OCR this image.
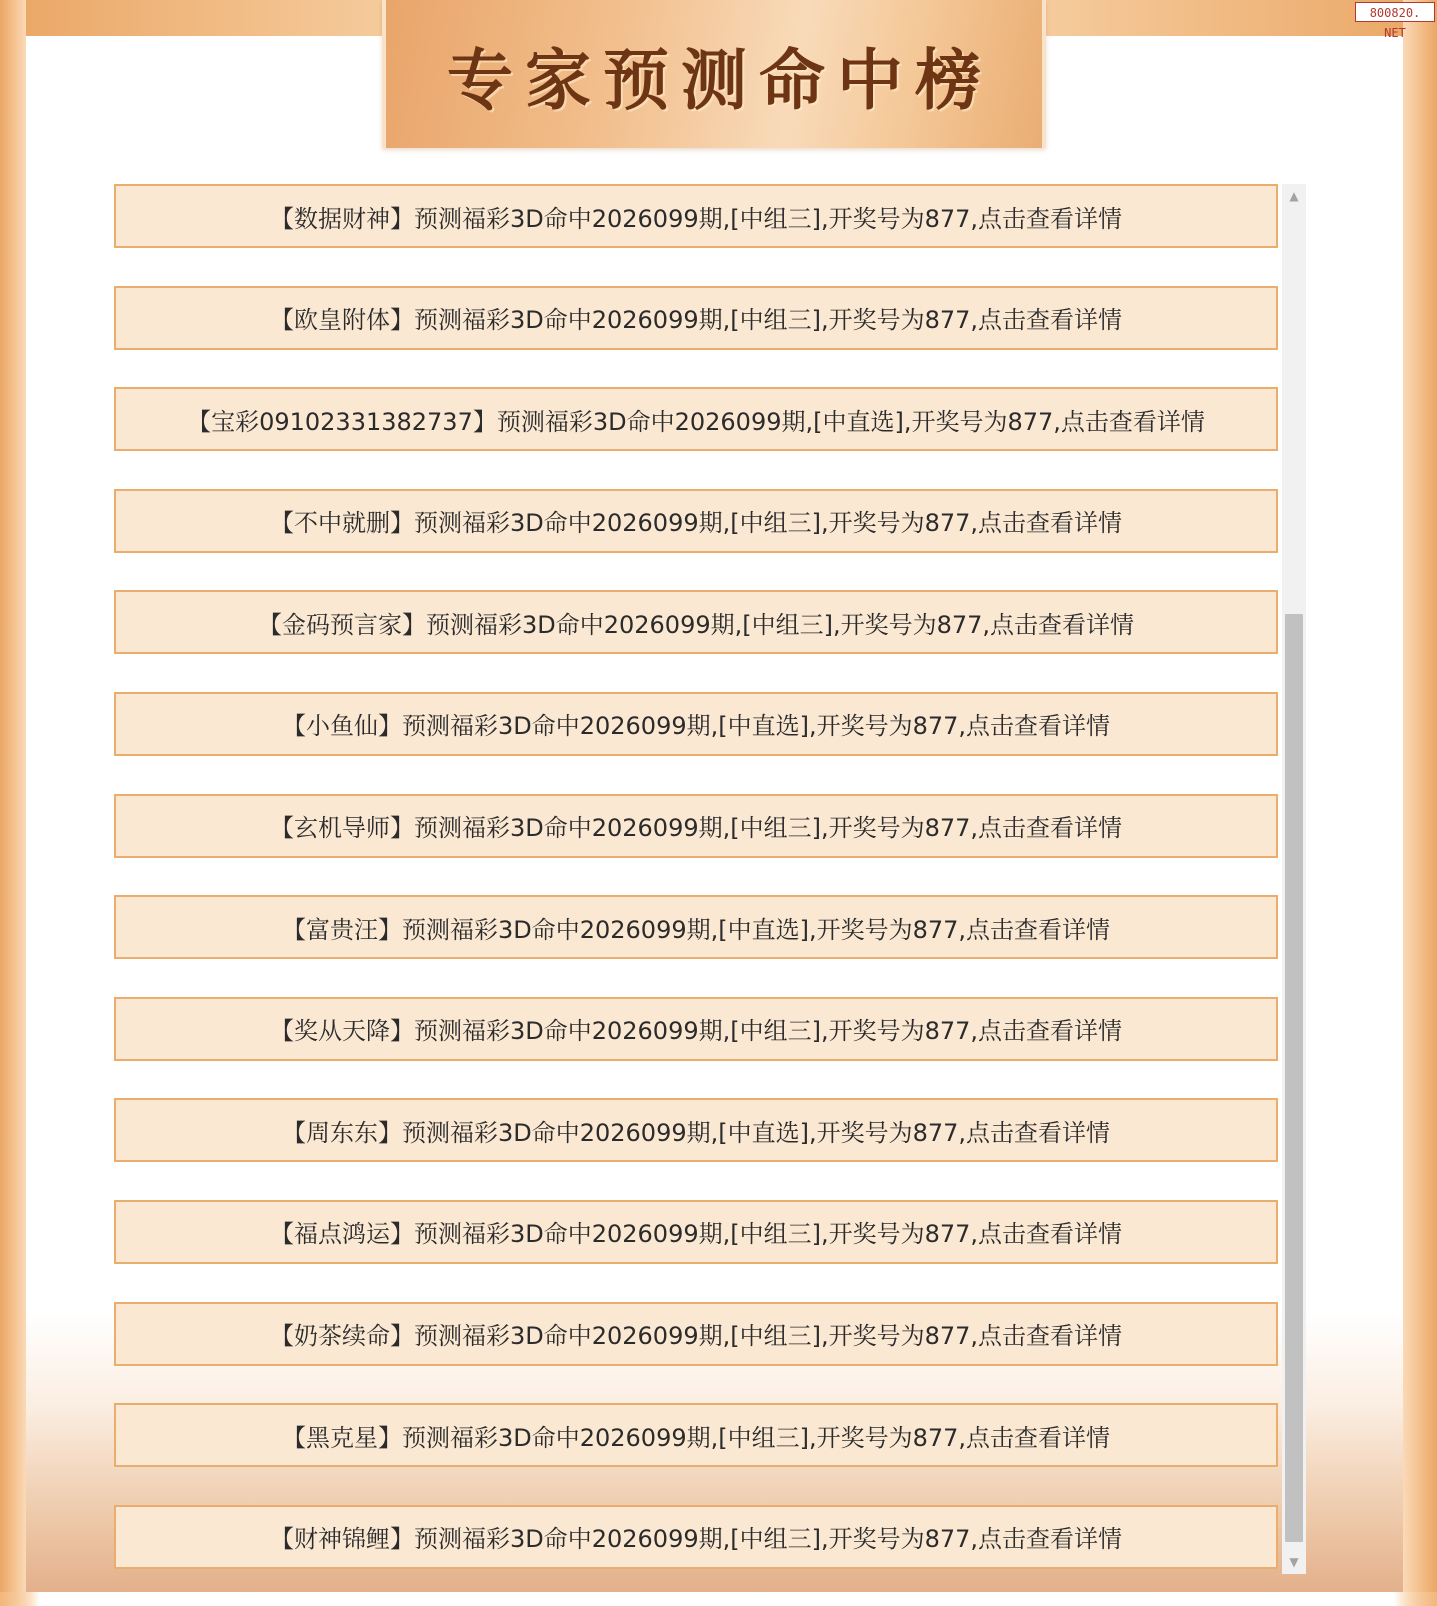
800820. NET
专家预测命中榜
【数据财神】预测福彩3D命中2026099期,[中组三],开奖号为877,点击查看详情
【欧皇附体】预测福彩3D命中2026099期,[中组三],开奖号为877,点击查看详情
【宝彩09102331382737】预测福彩3D命中2026099期,[中直选],开奖号为877,点击查看详情
【不中就删】预测福彩3D命中2026099期,[中组三],开奖号为877,点击查看详情
【金码预言家】预测福彩3D命中2026099期,[中组三],开奖号为877,点击查看详情
【小鱼仙】预测福彩3D命中2026099期,[中直选],开奖号为877,点击查看详情
【玄机导师】预测福彩3D命中2026099期,[中组三],开奖号为877,点击查看详情
【富贵汪】预测福彩3D命中2026099期,[中直选],开奖号为877,点击查看详情
【奖从天降】预测福彩3D命中2026099期,[中组三],开奖号为877,点击查看详情
【周东东】预测福彩3D命中2026099期,[中直选],开奖号为877,点击查看详情
【福点鸿运】预测福彩3D命中2026099期,[中组三],开奖号为877,点击查看详情
【奶茶续命】预测福彩3D命中2026099期,[中组三],开奖号为877,点击查看详情
【黑克星】预测福彩3D命中2026099期,[中组三],开奖号为877,点击查看详情
【财神锦鲤】预测福彩3D命中2026099期,[中组三],开奖号为877,点击查看详情
▲
▼
